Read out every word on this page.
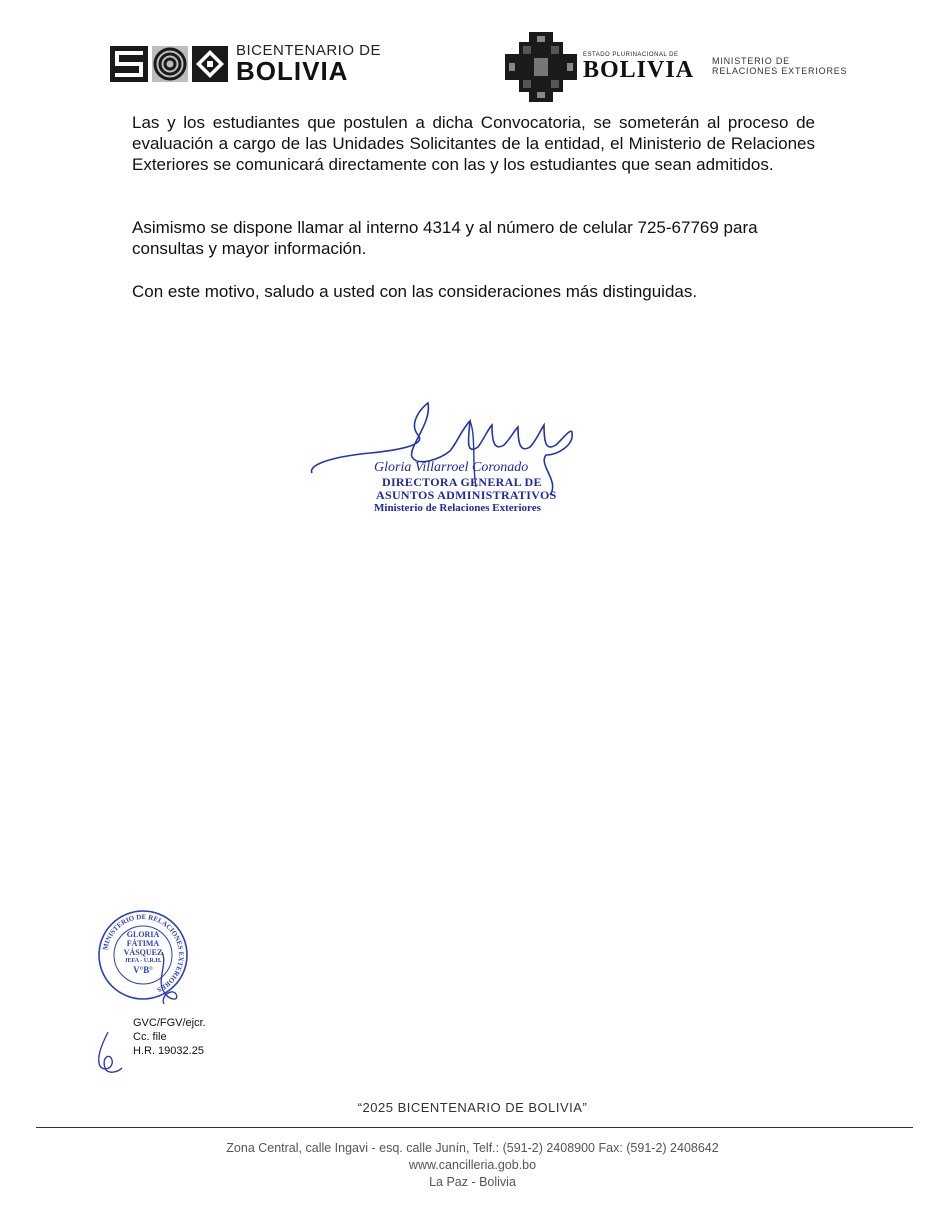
BICENTENARIO DE
BOLIVIA
ESTADO PLURINACIONAL DE
BOLIVIA MINISTERIO DE
RELACIONES EXTERIORES

Las y los estudiantes que postulen a dicha Convocatoria, se someterán al proceso de evaluación a cargo de las Unidades Solicitantes de la entidad, el Ministerio de Relaciones Exteriores se comunicará directamente con las y los estudiantes que sean admitidos.

Asimismo se dispone llamar al interno 4314 y al número de celular 725-67769 para consultas y mayor información.

Con este motivo, saludo a usted con las consideraciones más distinguidas.

Gloria Villarroel Coronado
DIRECTORA GENERAL DE
ASUNTOS ADMINISTRATIVOS
Ministerio de Relaciones Exteriores
MINISTERIO DE RELACIONES EXTERIORES
GLORIA
FÁTIMA
VÁSQUEZ
JEFA - U.R.H.
V°B°
GVC/FGV/ejcr.
Cc. file
H.R. 19032.25
“2025 BICENTENARIO DE BOLIVIA”
Zona Central, calle Ingavi - esq. calle Junín, Telf.: (591-2) 2408900 Fax: (591-2) 2408642
www.cancilleria.gob.bo
La Paz - Bolivia
